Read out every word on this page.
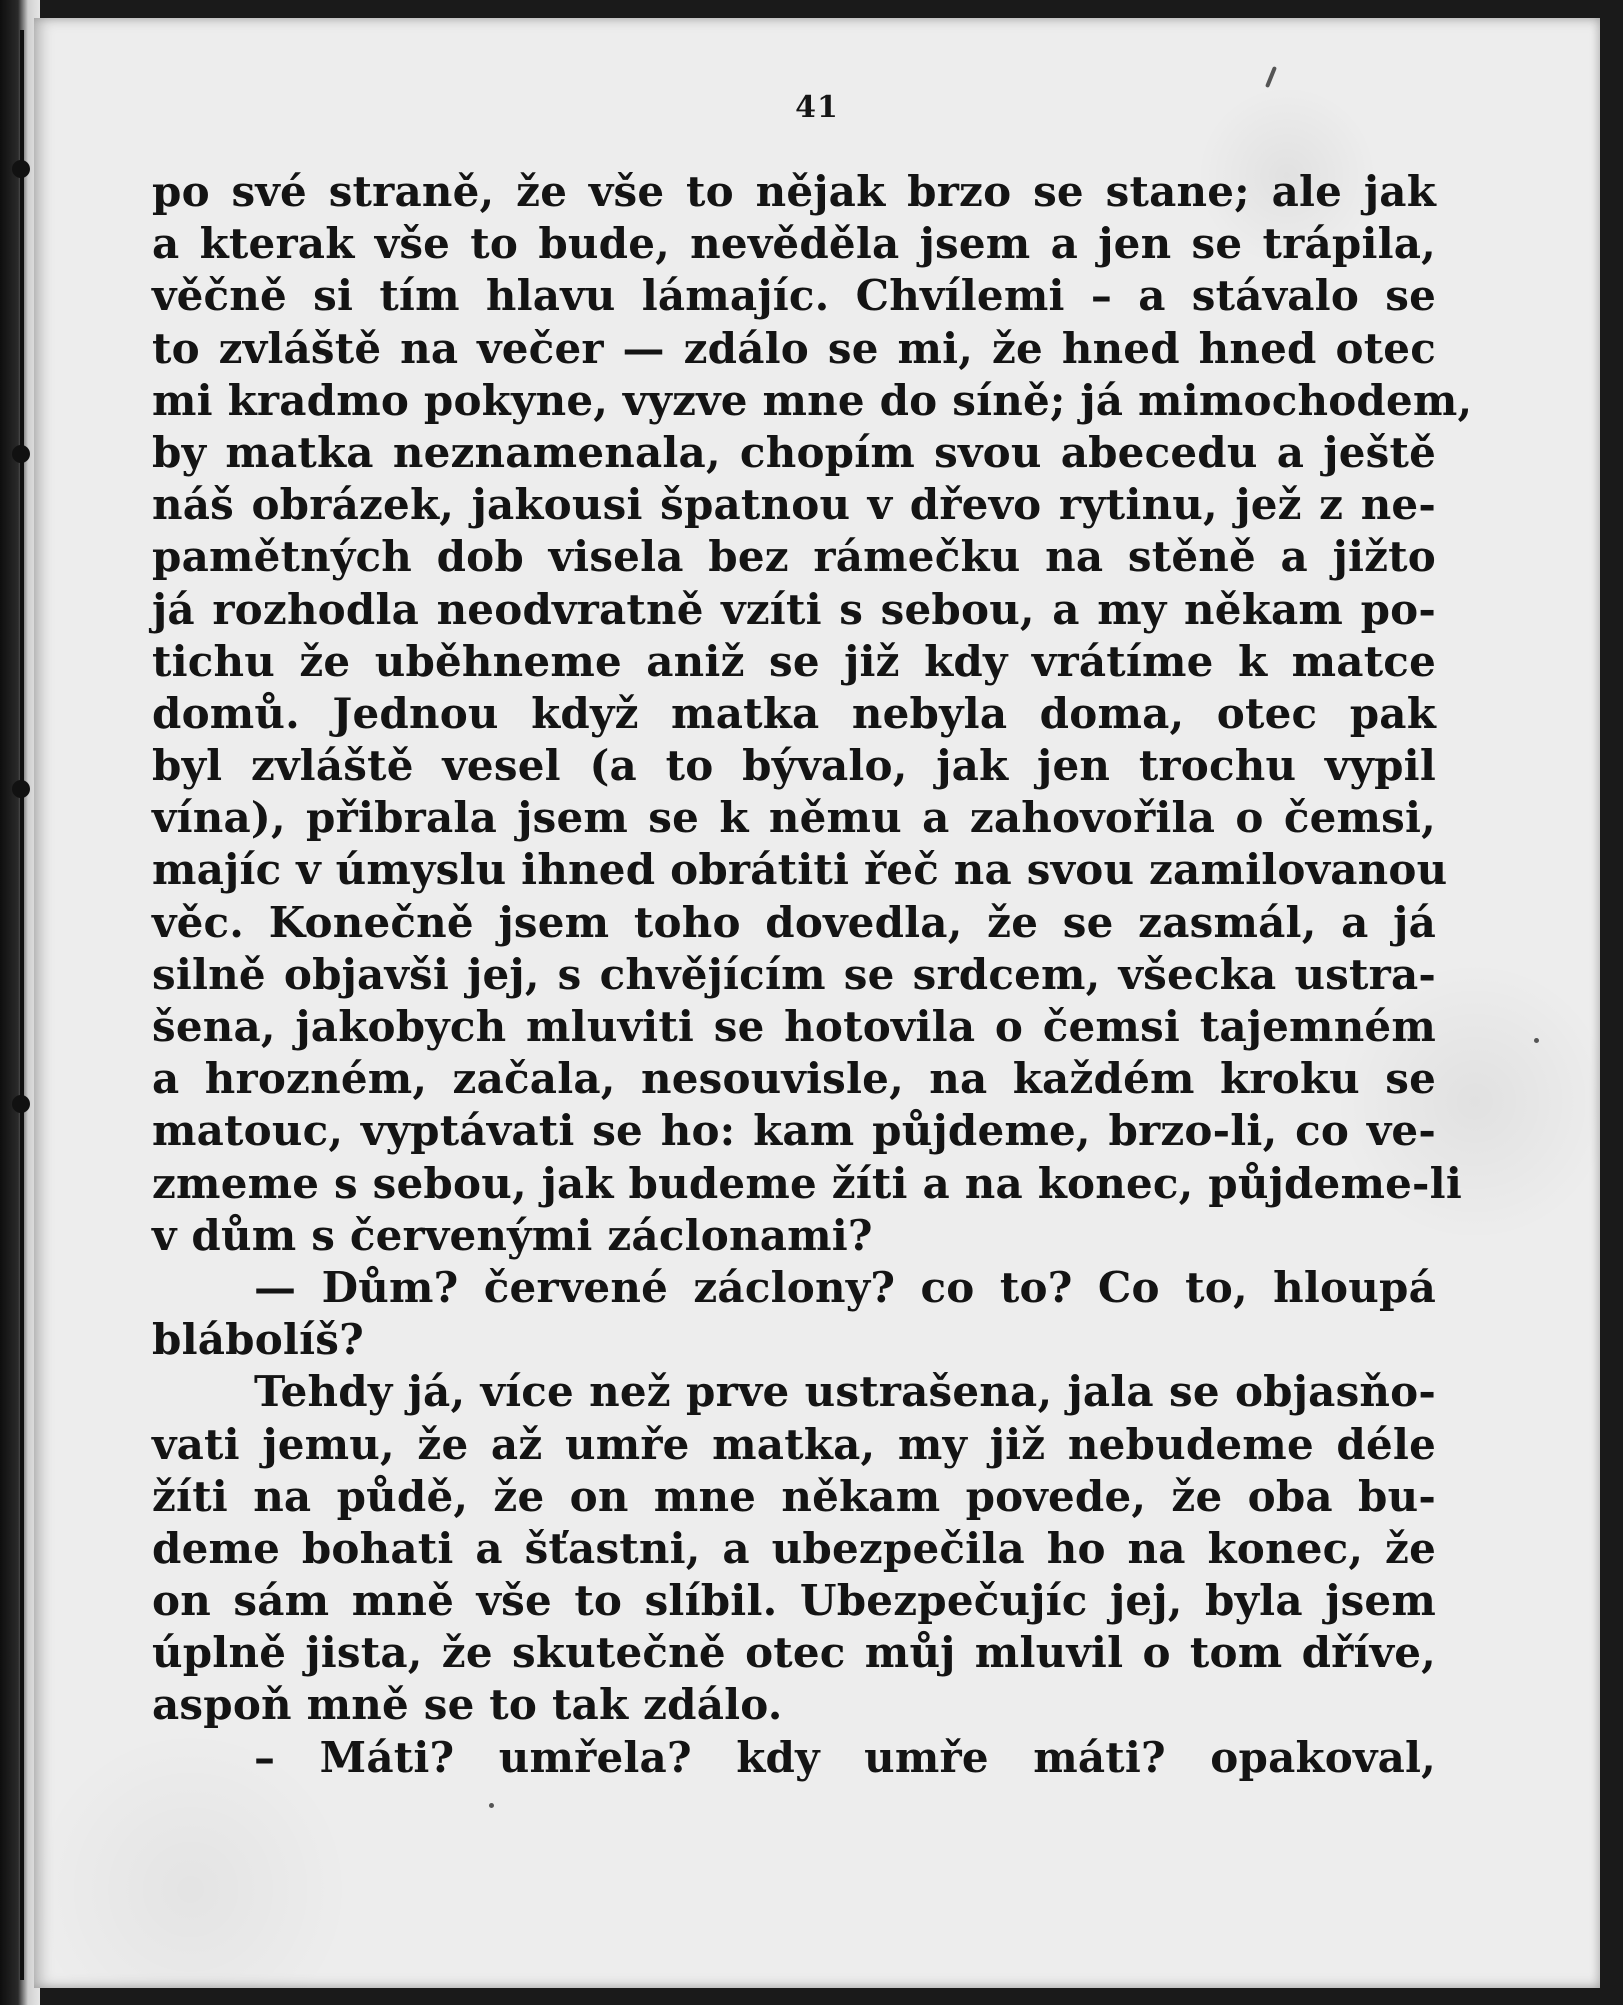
41
po své straně, že vše to nějak brzo se stane; ale jak
a kterak vše to bude, nevěděla jsem a jen se trápila,
věčně si tím hlavu lámajíc. Chvílemi – a stávalo se
to zvláště na večer — zdálo se mi, že hned hned otec
mi kradmo pokyne, vyzve mne do síně; já mimochodem,
by matka neznamenala, chopím svou abecedu a ještě
náš obrázek, jakousi špatnou v dřevo rytinu, jež z ne-
pamětných dob visela bez rámečku na stěně a jižto
já rozhodla neodvratně vzíti s sebou, a my někam po-
tichu že uběhneme aniž se již kdy vrátíme k matce
domů. Jednou když matka nebyla doma, otec pak
byl zvláště vesel (a to bývalo, jak jen trochu vypil
vína), přibrala jsem se k němu a zahovořila o čemsi,
majíc v úmyslu ihned obrátiti řeč na svou zamilovanou
věc. Konečně jsem toho dovedla, že se zasmál, a já
silně objavši jej, s chvějícím se srdcem, všecka ustra-
šena, jakobych mluviti se hotovila o čemsi tajemném
a hrozném, začala, nesouvisle, na každém kroku se
matouc, vyptávati se ho: kam půjdeme, brzo-li, co ve-
zmeme s sebou, jak budeme žíti a na konec, půjdeme-li
v dům s červenými záclonami?
— Dům? červené záclony? co to? Co to, hloupá
blábolíš?
Tehdy já, více než prve ustrašena, jala se objasňo-
vati jemu, že až umře matka, my již nebudeme déle
žíti na půdě, že on mne někam povede, že oba bu-
deme bohati a šťastni, a ubezpečila ho na konec, že
on sám mně vše to slíbil. Ubezpečujíc jej, byla jsem
úplně jista, že skutečně otec můj mluvil o tom dříve,
aspoň mně se to tak zdálo.
– Máti? umřela? kdy umře máti? opakoval,
